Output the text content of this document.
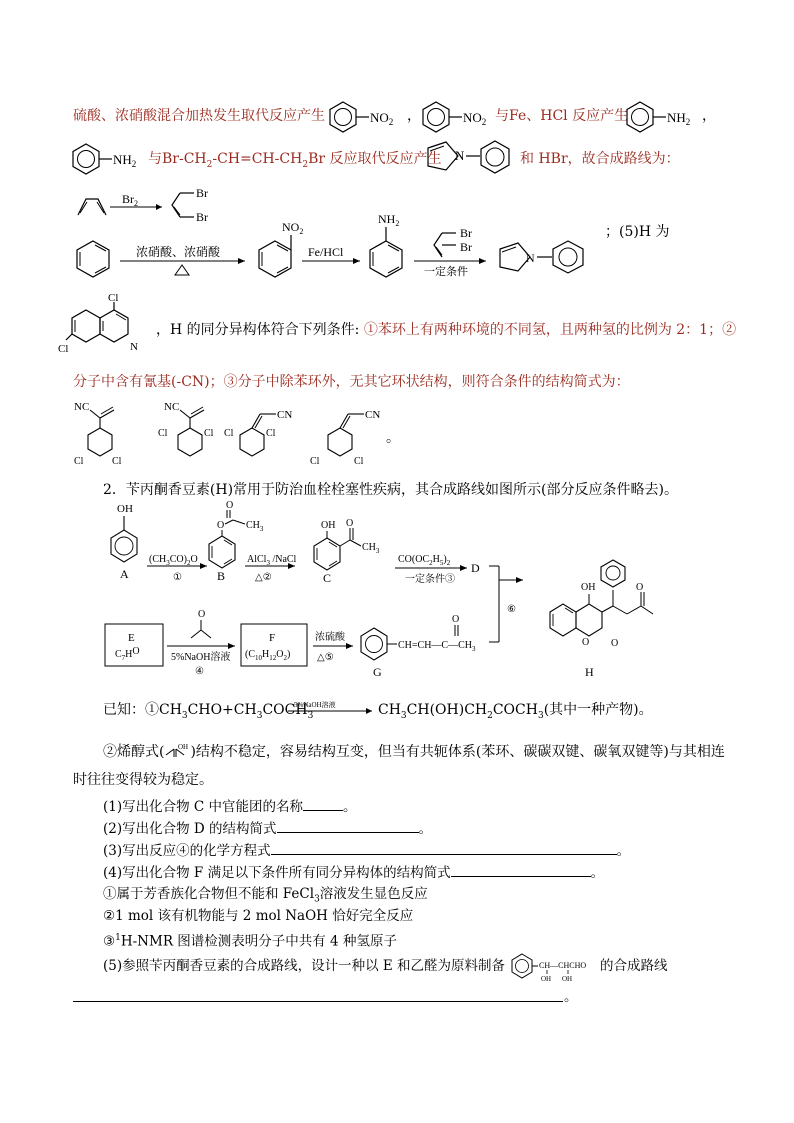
硫酸、浓硝酸混合加热发生取代反应产生	$NO_2$ ，	$NO_2$ 与Fe、HCl 反应产生	$NH_2$ ，
$NH_2$ 与$Br-CH_2-CH=CH-CH_2Br$ 反应取代反应产生 N	和 HBr，故合成路线为：
$Br_2$
Br
Br
浓硝酸、浓硝酸
$NO_2$
Fe/HCl
$NH_2$
一定条件
Br
Br
N
；(5)H 为
Cl
Cl	N
，H 的同分异构体符合下列条件: ①苯环上有两种环境的不同氢，且两种氢的比例为 2：1；②
分子中含有氰基(-CN)；③分子中除苯环外，无其它环状结构，则符合条件的结构简式为：
NC
Cl	Cl
NC
Cl	Cl
CN
Cl	Cl
CN
Cl	Cl
。
2．苄丙酮香豆素(H)常用于防治血栓栓塞性疾病，其合成路线如图所示(部分反应条件略去)。
OH
A
$(CH_3CO)_2O$
①
O
O $CH_3$
B
AlCl$_3$ /NaCl
△②
OH O
$CH_3$
C
$CO(OC_2H_5)_2$
一定条件③
D
⑥
OH	O
O O
H
E
$C_7HO$
O
5%NaOH溶液
④
F
$(C_{10}H_{12}O_2)$
浓硫酸
△⑤
$CH=CH—C—CH_3$
O
G
已知：$①CH_3CHO+CH_3COCH_3$
5%NaOH溶液	$CH_3CH(OH)CH_2COCH_3$(其中一种产物)。
②烯醇式( OH )结构不稳定，容易结构互变，但当有共轭体系(苯环、碳碳双键、碳氧双键等)与其相连
时往往变得较为稳定。
(1)写出化合物 C 中官能团的名称	。
(2)写出化合物 D 的结构简式	。
(3)写出反应④的化学方程式	。
(4)写出化合物 F 满足以下条件所有同分异构体的结构简式	。
①属于芳香族化合物但不能和 FeCl$_3$溶液发生显色反应
②1 mol 该有机物能与 2 mol NaOH 恰好完全反应
③$^1$H-NMR 图谱检测表明分子中共有 4 种氢原子
(5)参照苄丙酮香豆素的合成路线，设计一种以 E 和乙醛为原料制备	CH—CHCHO
OH OH
的合成路线
。
